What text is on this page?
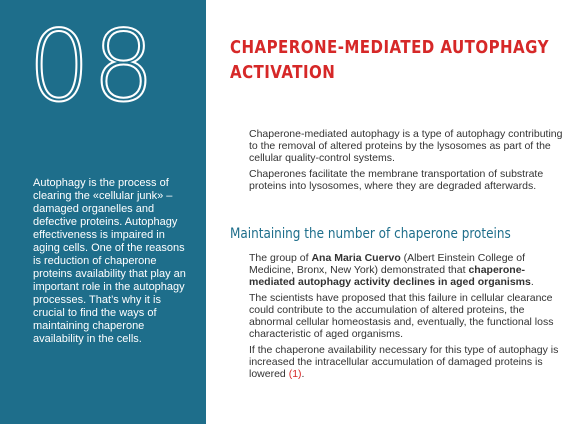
08
Autophagy is the process of clearing the «cellular junk» – damaged organelles and defective proteins. Autophagy effectiveness is impaired in aging cells. One of the reasons is reduction of chaperone proteins availability that play an important role in the autophagy processes. That’s why it is crucial to find the ways of maintaining chaperone availability in the cells.
CHAPERONE-MEDIATED AUTOPHAGY
ACTIVATION

Chaperone-mediated autophagy is a type of autophagy contributing to the removal of altered proteins by the lysosomes as part of the cellular quality-control systems.

Chaperones facilitate the membrane transportation of substrate proteins into lysosomes, where they are degraded afterwards.

Maintaining the number of chaperone proteins

The group of Ana Maria Cuervo (Albert Einstein College of Medicine, Bronx, New York) demonstrated that chaperone-mediated autophagy activity declines in aged organisms.

The scientists have proposed that this failure in cellular clearance could contribute to the accumulation of altered proteins, the abnormal cellular homeostasis and, eventually, the functional loss characteristic of aged organisms.

If the chaperone availability necessary for this type of autophagy is increased the intracellular accumulation of damaged proteins is lowered (1).
